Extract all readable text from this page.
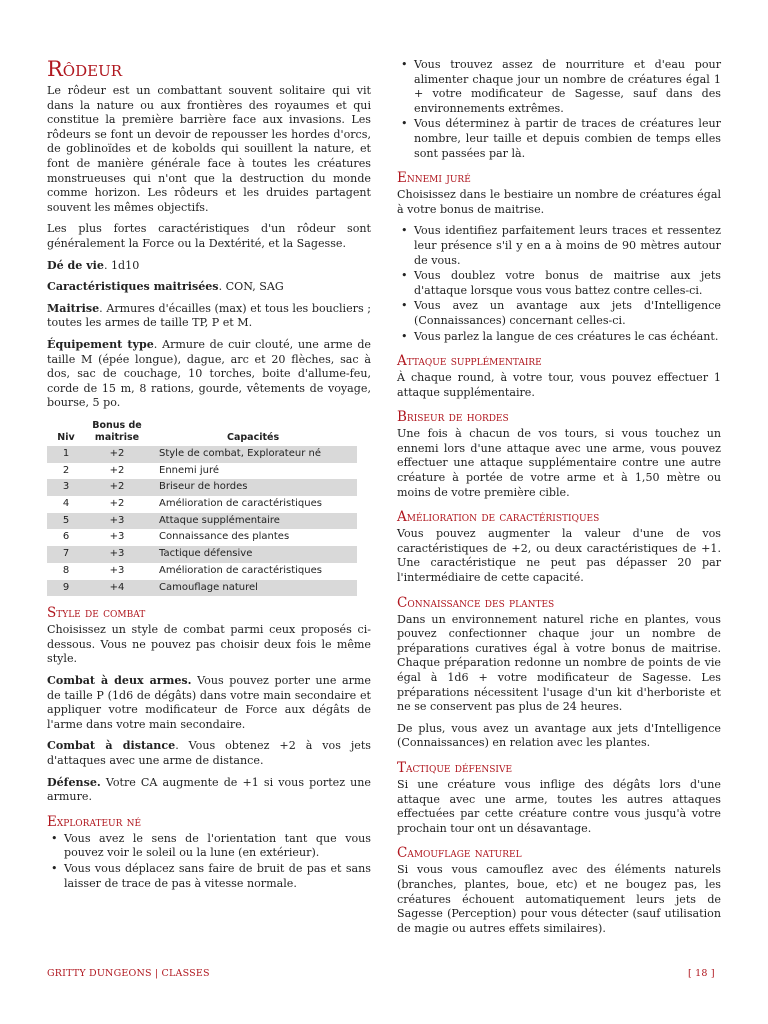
Rôdeur

Le rôdeur est un combattant souvent solitaire qui vit dans la nature ou aux frontières des royaumes et qui constitue la première barrière face aux invasions. Les rôdeurs se font un devoir de repousser les hordes d'orcs, de goblinoïdes et de kobolds qui souillent la nature, et font de manière générale face à toutes les créatures monstrueuses qui n'ont que la destruction du monde comme horizon. Les rôdeurs et les druides partagent souvent les mêmes objectifs.

Les plus fortes caractéristiques d'un rôdeur sont généralement la Force ou la Dextérité, et la Sagesse.

Dé de vie. 1d10

Caractéristiques maitrisées. CON, SAG

Maitrise. Armures d'écailles (max) et tous les boucliers ; toutes les armes de taille TP, P et M.

Équipement type. Armure de cuir clouté, une arme de taille M (épée longue), dague, arc et 20 flèches, sac à dos, sac de couchage, 10 torches, boite d'allume-feu, corde de 15 m, 8 rations, gourde, vêtements de voyage, bourse, 5 po.

Niv	Bonus de maitrise	Capacités
1	+2	Style de combat, Explorateur né
2	+2	Ennemi juré
3	+2	Briseur de hordes
4	+2	Amélioration de caractéristiques
5	+3	Attaque supplémentaire
6	+3	Connaissance des plantes
7	+3	Tactique défensive
8	+3	Amélioration de caractéristiques
9	+4	Camouflage naturel
Style de combat

Choisissez un style de combat parmi ceux proposés ci-dessous. Vous ne pouvez pas choisir deux fois le même style.

Combat à deux armes. Vous pouvez porter une arme de taille P (1d6 de dégâts) dans votre main secondaire et appliquer votre modificateur de Force aux dégâts de l'arme dans votre main secondaire.

Combat à distance. Vous obtenez +2 à vos jets d'attaques avec une arme de distance.

Défense. Votre CA augmente de +1 si vous portez une armure.

Explorateur né
• Vous avez le sens de l'orientation tant que vous pouvez voir le soleil ou la lune (en extérieur).
• Vous vous déplacez sans faire de bruit de pas et sans laisser de trace de pas à vitesse normale.
• Vous trouvez assez de nourriture et d'eau pour alimenter chaque jour un nombre de créatures égal 1 + votre modificateur de Sagesse, sauf dans des environnements extrêmes.
• Vous déterminez à partir de traces de créatures leur nombre, leur taille et depuis combien de temps elles sont passées par là.
Ennemi juré

Choisissez dans le bestiaire un nombre de créatures égal à votre bonus de maitrise.

• Vous identifiez parfaitement leurs traces et ressentez leur présence s'il y en a à moins de 90 mètres autour de vous.
• Vous doublez votre bonus de maitrise aux jets d'attaque lorsque vous vous battez contre celles-ci.
• Vous avez un avantage aux jets d'Intelligence (Connaissances) concernant celles-ci.
• Vous parlez la langue de ces créatures le cas échéant.
Attaque supplémentaire

À chaque round, à votre tour, vous pouvez effectuer 1 attaque supplémentaire.

Briseur de hordes

Une fois à chacun de vos tours, si vous touchez un ennemi lors d'une attaque avec une arme, vous pouvez effectuer une attaque supplémentaire contre une autre créature à portée de votre arme et à 1,50 mètre ou moins de votre première cible.

Amélioration de caractéristiques

Vous pouvez augmenter la valeur d'une de vos caractéristiques de +2, ou deux caractéristiques de +1. Une caractéristique ne peut pas dépasser 20 par l'intermédiaire de cette capacité.

Connaissance des plantes

Dans un environnement naturel riche en plantes, vous pouvez confectionner chaque jour un nombre de préparations curatives égal à votre bonus de maitrise. Chaque préparation redonne un nombre de points de vie égal à 1d6 + votre modificateur de Sagesse. Les préparations nécessitent l'usage d'un kit d'herboriste et ne se conservent pas plus de 24 heures.

De plus, vous avez un avantage aux jets d'Intelligence (Connaissances) en relation avec les plantes.

Tactique défensive

Si une créature vous inflige des dégâts lors d'une attaque avec une arme, toutes les autres attaques effectuées par cette créature contre vous jusqu'à votre prochain tour ont un désavantage.

Camouflage naturel

Si vous vous camouflez avec des éléments naturels (branches, plantes, boue, etc) et ne bougez pas, les créatures échouent automatiquement leurs jets de Sagesse (Perception) pour vous détecter (sauf utilisation de magie ou autres effets similaires).

GRITTY DUNGEONS | CLASSES	[ 18 ]
